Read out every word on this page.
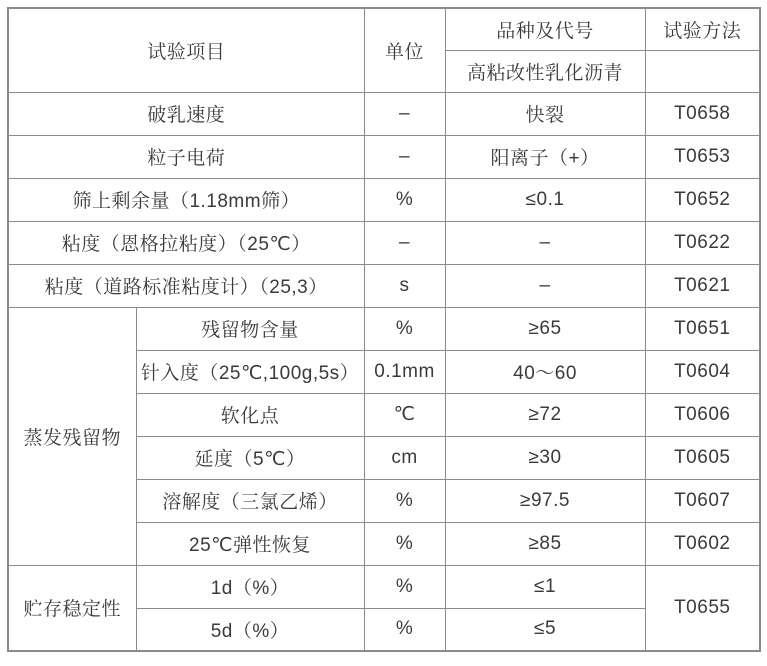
试验项目		单位	品种及代号	试验方法
			高粘改性乳化沥青	
破乳速度		–	快裂	T0658
粒子电荷		–	阳离子（+）	T0653
筛上剩余量（1.18mm筛）		%	≤0.1	T0652
粘度（恩格拉粘度）（25℃）		–	–	T0622
粘度（道路标准粘度计）（25,3）		s	–	T0621
蒸发残留物	残留物含量	%	≥65	T0651
	针入度（25℃,100g,5s）	0.1mm	40～60	T0604
	软化点	℃	≥72	T0606
	延度（5℃）	cm	≥30	T0605
	溶解度（三氯乙烯）	%	≥97.5	T0607
	25℃弹性恢复	%	≥85	T0602
贮存稳定性	1d（%）	%	≤1	T0655
	5d（%）	%	≤5	
